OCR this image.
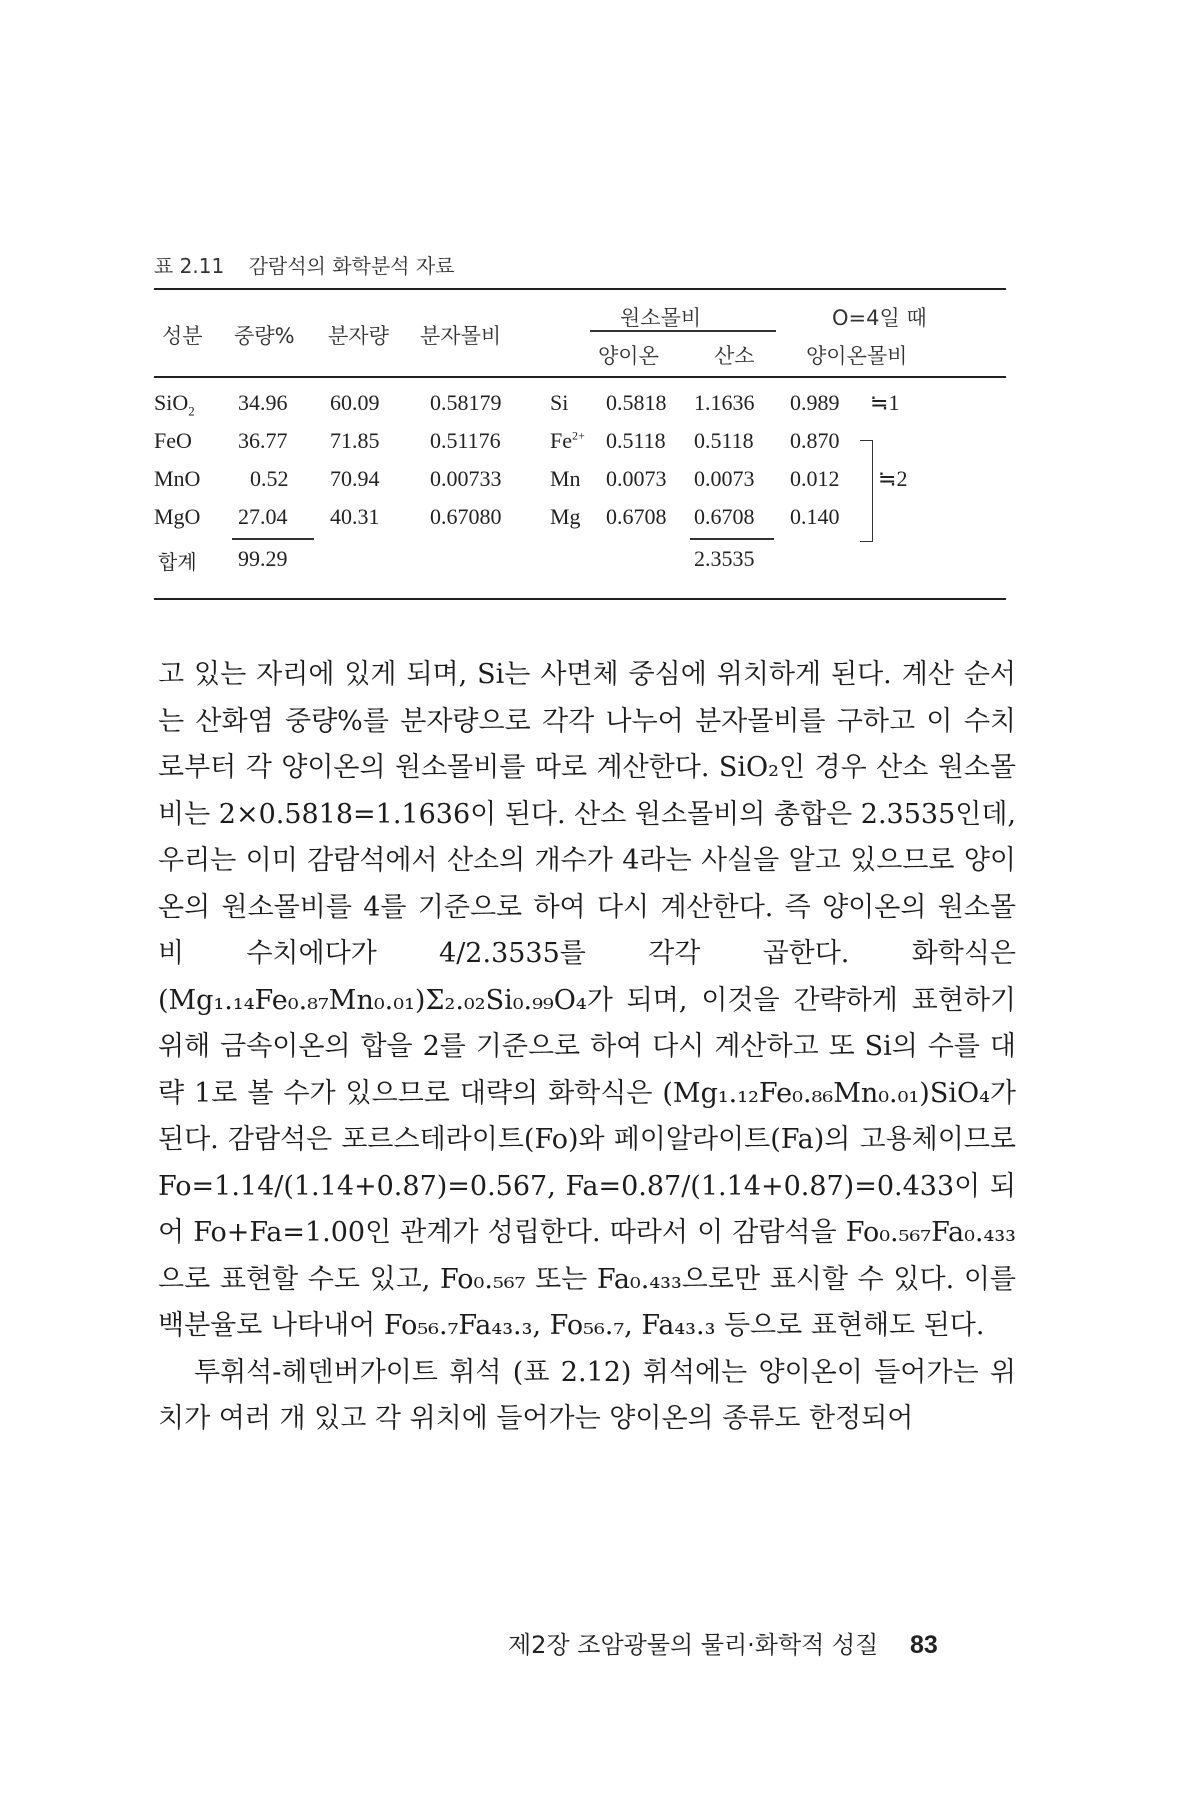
표 2.11 감람석의 화학분석 자료
성분 중량% 분자량 분자몰비
원소몰비
양이온	산소
O=4일 때
양이온몰비
SiO$_2$ 34.96 60.09 0.58179 Si 0.5818 1.1636 0.989
FeO 36.77 71.85 0.51176 $Fe^{2+}$ 0.5118 0.5118 0.870
MnO 0.52 70.94 0.00733 Mn 0.0073 0.0073 0.012
MgO 27.04 40.31 0.67080 Mg 0.6708 0.6708 0.140
합계 99.29	2.3535
≒1
≒2

고 있는 자리에 있게 되며, Si는 사면체 중심에 위치하게 된다. 계산 순서는 산화염 중량%를 분자량으로 각각 나누어 분자몰비를 구하고 이 수치로부터 각 양이온의 원소몰비를 따로 계산한다. SiO₂인 경우 산소 원소몰비는 2×0.5818=1.1636이 된다. 산소 원소몰비의 총합은 2.3535인데, 우리는 이미 감람석에서 산소의 개수가 4라는 사실을 알고 있으므로 양이온의 원소몰비를 4를 기준으로 하여 다시 계산한다. 즉 양이온의 원소몰비 수치에다가 4/2.3535를 각각 곱한다. 화학식은 (Mg₁.₁₄Fe₀.₈₇Mn₀.₀₁)Σ₂.₀₂Si₀.₉₉O₄가 되며, 이것을 간략하게 표현하기 위해 금속이온의 합을 2를 기준으로 하여 다시 계산하고 또 Si의 수를 대략 1로 볼 수가 있으므로 대략의 화학식은 (Mg₁.₁₂Fe₀.₈₆Mn₀.₀₁)SiO₄가 된다. 감람석은 포르스테라이트(Fo)와 페이알라이트(Fa)의 고용체이므로 Fo=1.14/(1.14+0.87)=0.567, Fa=0.87/(1.14+0.87)=0.433이 되어 Fo+Fa=1.00인 관계가 성립한다. 따라서 이 감람석을 Fo₀.₅₆₇Fa₀.₄₃₃으로 표현할 수도 있고, Fo₀.₅₆₇ 또는 Fa₀.₄₃₃으로만 표시할 수 있다. 이를 백분율로 나타내어 Fo₅₆.₇Fa₄₃.₃, Fo₅₆.₇, Fa₄₃.₃ 등으로 표현해도 된다.

투휘석-헤덴버가이트 휘석 (표 2.12) 휘석에는 양이온이 들어가는 위치가 여러 개 있고 각 위치에 들어가는 양이온의 종류도 한정되어

제2장 조암광물의 물리·화학적 성질 83
